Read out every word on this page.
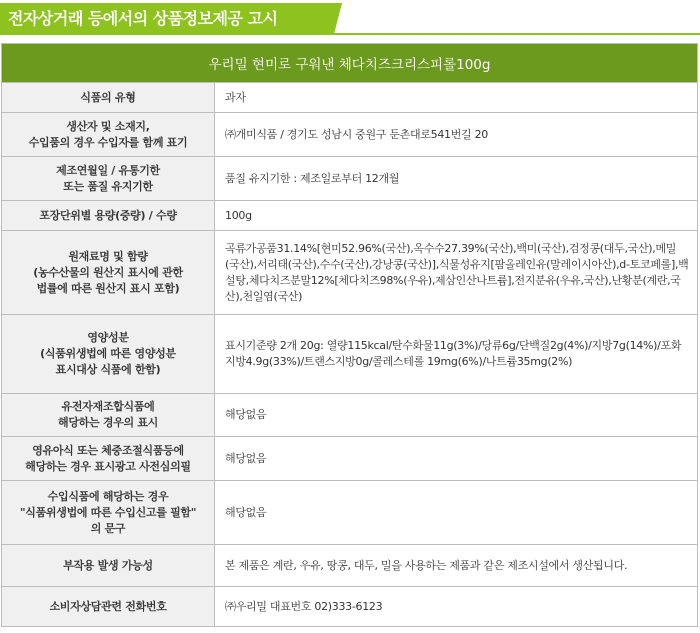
전자상거래 등에서의 상품정보제공 고시
우리밀 현미로 구워낸 체다치즈크리스피롤100g	

식품의 유형	과자

생산자 및 소재지,
수입품의 경우 수입자를 함께 표기	㈜개미식품 / 경기도 성남시 중원구 둔촌대로541번길 20

제조연월일 / 유통기한
또는 품질 유지기한	품질 유지기한 : 제조일로부터 12개월

포장단위별 용량(중량) / 수량	100g

원재료명 및 함량
(농수산물의 원산지 표시에 관한
법률에 따른 원산지 표시 포함)	곡류가공품31.14%[현미52.96%(국산),옥수수27.39%(국산),백미(국산),검정콩(대두,국산),메밀(국산),서리태(국산),수수(국산),강낭콩(국산)],식물성유지[팜올레인유(말레이시아산),d-토코페롤],백설탕,체다치즈분말12%[체다치즈98%(우유),제삼인산나트륨],전지분유(우유,국산),난황분(계란,국산),천일염(국산)

영양성분
(식품위생법에 따른 영양성분
표시대상 식품에 한함)	표시기준량 2개 20g: 열량115kcal/탄수화물11g(3%)/당류6g/단백질2g(4%)/지방7g(14%)/포화지방4.9g(33%)/트랜스지방0g/콜레스테롤 19mg(6%)/나트륨35mg(2%)

유전자재조합식품에
해당하는 경우의 표시	해당없음

영유아식 또는 체중조절식품등에
해당하는 경우 표시광고 사전심의필	해당없음

수입식품에 해당하는 경우
"식품위생법에 따른 수입신고를 필함"
의 문구	해당없음

부작용 발생 가능성	본 제품은 계란, 우유, 땅콩, 대두, 밀을 사용하는 제품과 같은 제조시설에서 생산됩니다.

소비자상담관련 전화번호	㈜우리밀 대표번호 02)333-6123
